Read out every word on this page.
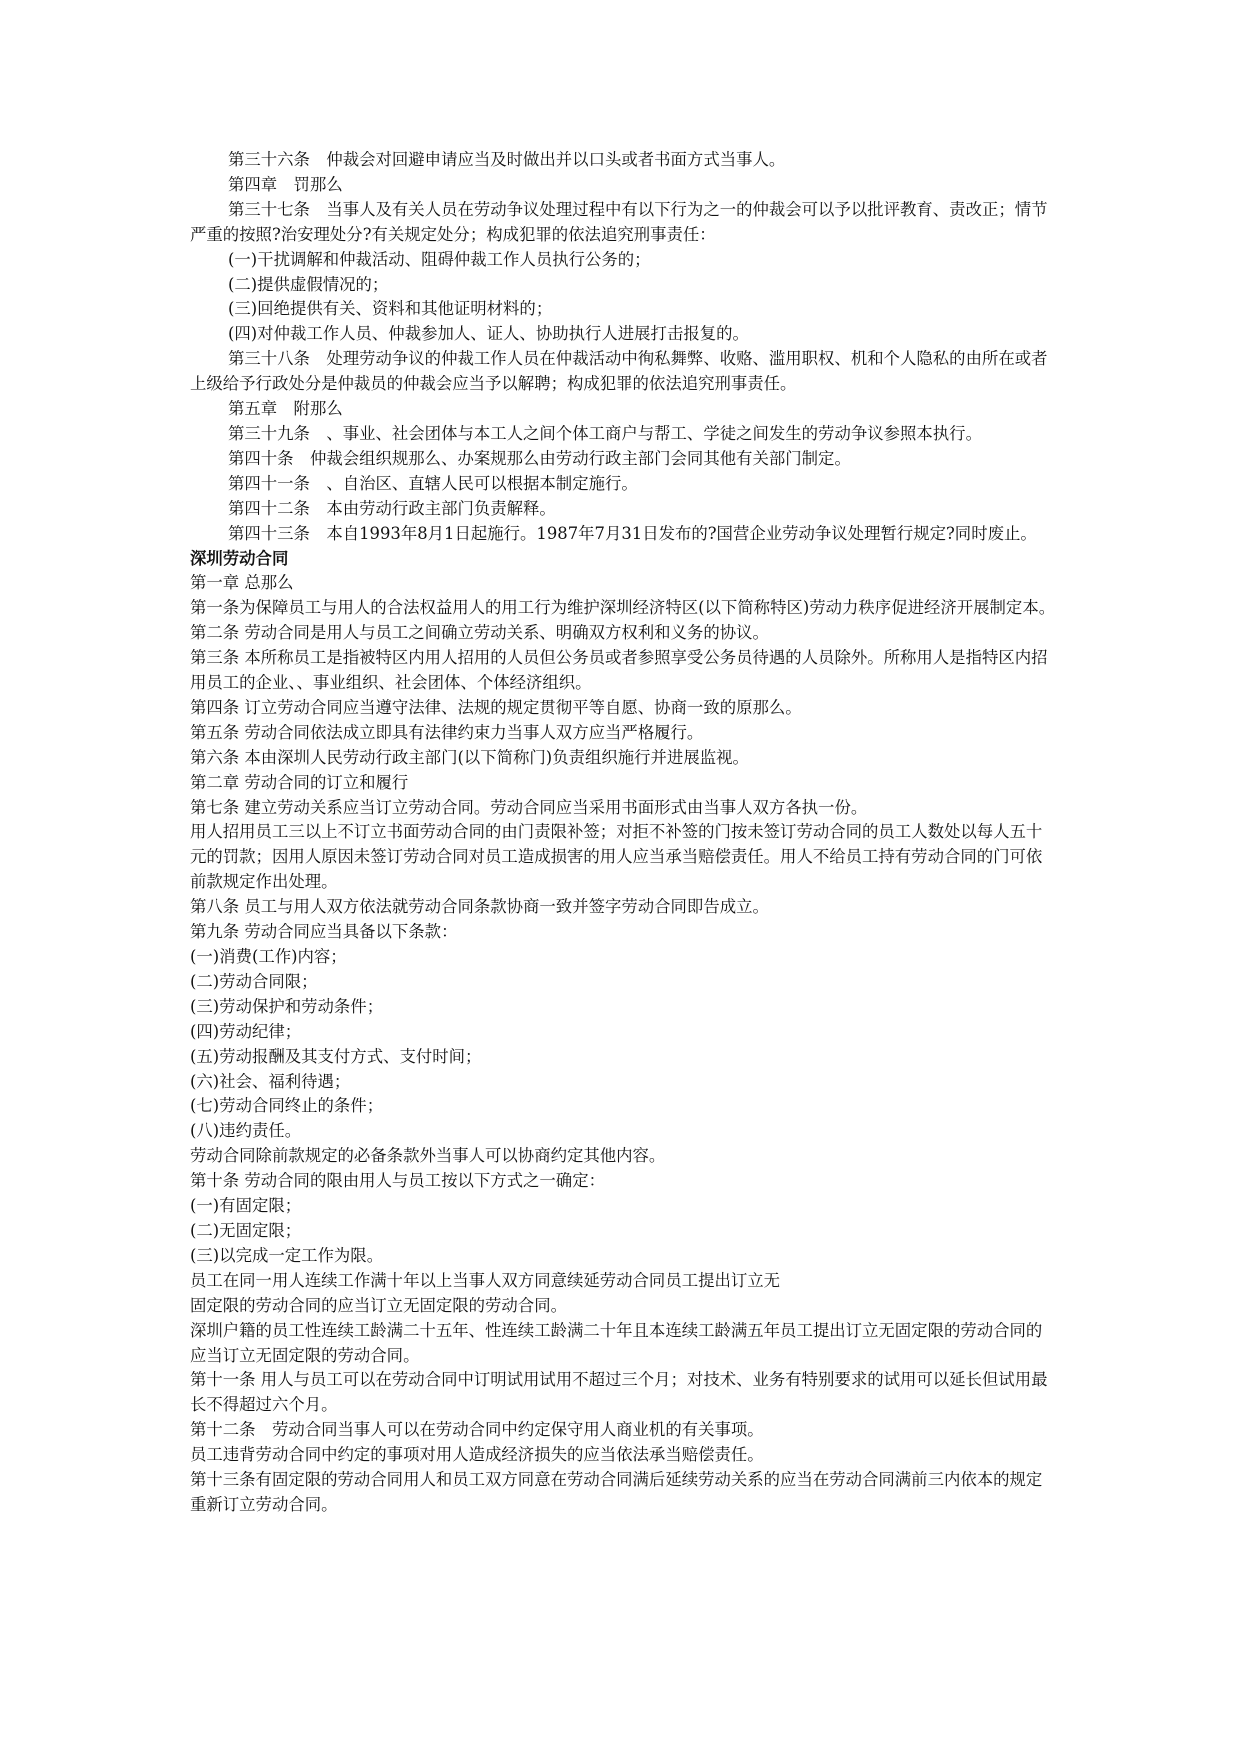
第三十六条　仲裁会对回避申请应当及时做出并以口头或者书面方式当事人。

第四章　罚那么

第三十七条　当事人及有关人员在劳动争议处理过程中有以下行为之一的仲裁会可以予以批评教育、责改正；情节严重的按照?治安理处分?有关规定处分；构成犯罪的依法追究刑事责任：

(一)干扰调解和仲裁活动、阻碍仲裁工作人员执行公务的；

(二)提供虚假情况的；

(三)回绝提供有关、资料和其他证明材料的；

(四)对仲裁工作人员、仲裁参加人、证人、协助执行人进展打击报复的。

第三十八条　处理劳动争议的仲裁工作人员在仲裁活动中徇私舞弊、收赂、滥用职权、机和个人隐私的由所在或者上级给予行政处分是仲裁员的仲裁会应当予以解聘；构成犯罪的依法追究刑事责任。

第五章　附那么

第三十九条　、事业、社会团体与本工人之间个体工商户与帮工、学徒之间发生的劳动争议参照本执行。

第四十条　仲裁会组织规那么、办案规那么由劳动行政主部门会同其他有关部门制定。

第四十一条　、自治区、直辖人民可以根据本制定施行。

第四十二条　本由劳动行政主部门负责解释。

第四十三条　本自1993年8月1日起施行。1987年7月31日发布的?国营企业劳动争议处理暂行规定?同时废止。

深圳劳动合同

第一章 总那么

第一条为保障员工与用人的合法权益用人的用工行为维护深圳经济特区(以下简称特区)劳动力秩序促进经济开展制定本。

第二条 劳动合同是用人与员工之间确立劳动关系、明确双方权利和义务的协议。

第三条 本所称员工是指被特区内用人招用的人员但公务员或者参照享受公务员待遇的人员除外。所称用人是指特区内招用员工的企业、、事业组织、社会团体、个体经济组织。

第四条 订立劳动合同应当遵守法律、法规的规定贯彻平等自愿、协商一致的原那么。

第五条 劳动合同依法成立即具有法律约束力当事人双方应当严格履行。

第六条 本由深圳人民劳动行政主部门(以下简称门)负责组织施行并进展监视。

第二章 劳动合同的订立和履行

第七条 建立劳动关系应当订立劳动合同。劳动合同应当采用书面形式由当事人双方各执一份。

用人招用员工三以上不订立书面劳动合同的由门责限补签；对拒不补签的门按未签订劳动合同的员工人数处以每人五十元的罚款；因用人原因未签订劳动合同对员工造成损害的用人应当承当赔偿责任。用人不给员工持有劳动合同的门可依前款规定作出处理。

第八条 员工与用人双方依法就劳动合同条款协商一致并签字劳动合同即告成立。

第九条 劳动合同应当具备以下条款：

(一)消费(工作)内容；

(二)劳动合同限；

(三)劳动保护和劳动条件；

(四)劳动纪律；

(五)劳动报酬及其支付方式、支付时间；

(六)社会、福利待遇；

(七)劳动合同终止的条件；

(八)违约责任。

劳动合同除前款规定的必备条款外当事人可以协商约定其他内容。

第十条 劳动合同的限由用人与员工按以下方式之一确定：

(一)有固定限；

(二)无固定限；

(三)以完成一定工作为限。

员工在同一用人连续工作满十年以上当事人双方同意续延劳动合同员工提出订立无

固定限的劳动合同的应当订立无固定限的劳动合同。

深圳户籍的员工性连续工龄满二十五年、性连续工龄满二十年且本连续工龄满五年员工提出订立无固定限的劳动合同的应当订立无固定限的劳动合同。

第十一条 用人与员工可以在劳动合同中订明试用试用不超过三个月；对技术、业务有特别要求的试用可以延长但试用最长不得超过六个月。

第十二条　劳动合同当事人可以在劳动合同中约定保守用人商业机的有关事项。

员工违背劳动合同中约定的事项对用人造成经济损失的应当依法承当赔偿责任。

第十三条有固定限的劳动合同用人和员工双方同意在劳动合同满后延续劳动关系的应当在劳动合同满前三内依本的规定重新订立劳动合同。
